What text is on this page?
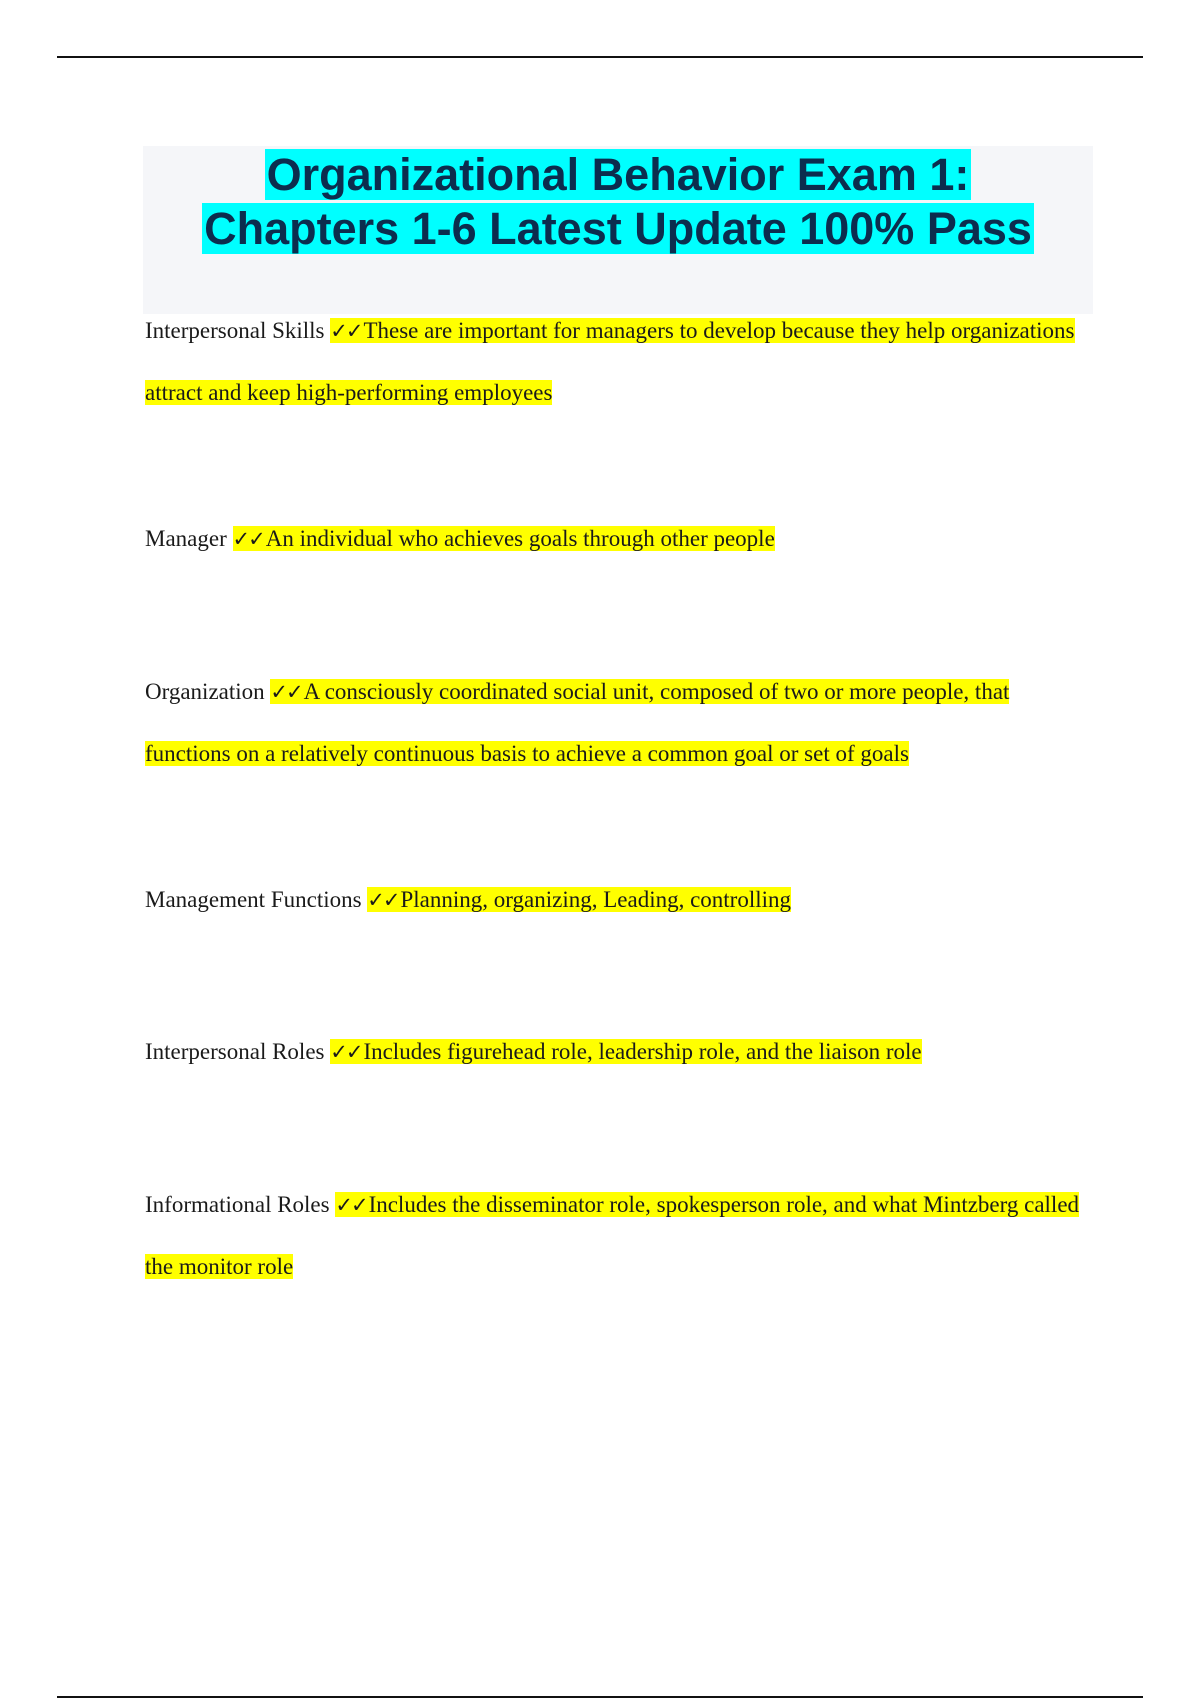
Organizational Behavior Exam 1:

Chapters 1-6 Latest Update 100% Pass

Interpersonal Skills ✓✓These are important for managers to develop because they help organizations attract and keep high-performing employees

Manager ✓✓An individual who achieves goals through other people

Organization ✓✓A consciously coordinated social unit, composed of two or more people, that functions on a relatively continuous basis to achieve a common goal or set of goals

Management Functions ✓✓Planning, organizing, Leading, controlling

Interpersonal Roles ✓✓Includes figurehead role, leadership role, and the liaison role

Informational Roles ✓✓Includes the disseminator role, spokesperson role, and what Mintzberg called the monitor role
